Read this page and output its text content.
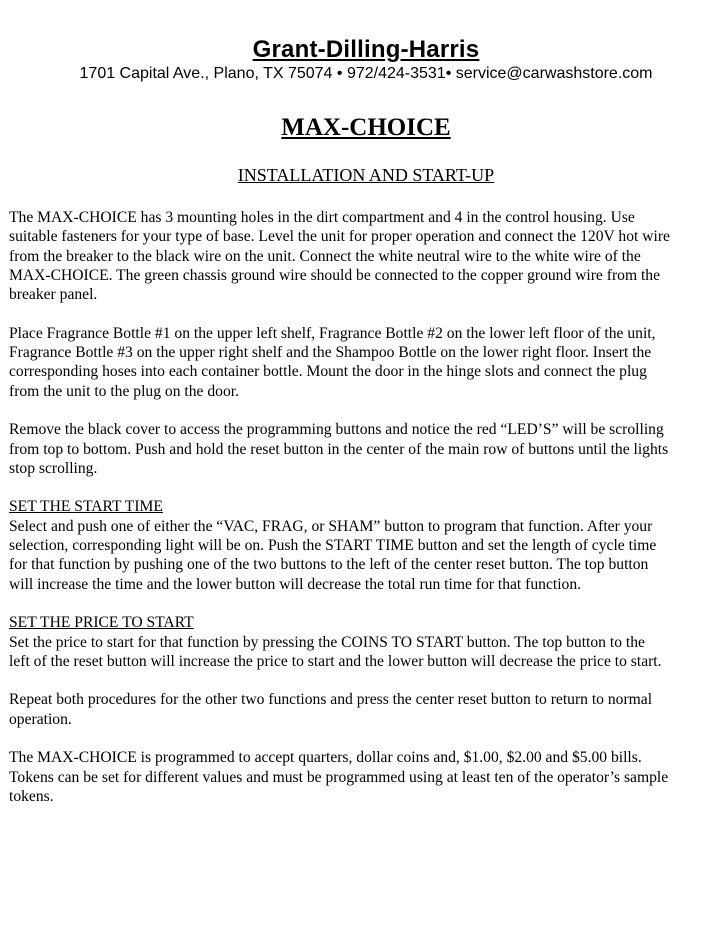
Grant-Dilling-Harris
1701 Capital Ave., Plano, TX 75074 • 972/424-3531• service@carwashstore.com
MAX-CHOICE
INSTALLATION AND START-UP
The MAX-CHOICE has 3 mounting holes in the dirt compartment and 4 in the control housing. Use
suitable fasteners for your type of base. Level the unit for proper operation and connect the 120V hot wire
from the breaker to the black wire on the unit. Connect the white neutral wire to the white wire of the
MAX-CHOICE. The green chassis ground wire should be connected to the copper ground wire from the
breaker panel.
Place Fragrance Bottle #1 on the upper left shelf, Fragrance Bottle #2 on the lower left floor of the unit,
Fragrance Bottle #3 on the upper right shelf and the Shampoo Bottle on the lower right floor. Insert the
corresponding hoses into each container bottle. Mount the door in the hinge slots and connect the plug
from the unit to the plug on the door.
Remove the black cover to access the programming buttons and notice the red “LED’S” will be scrolling
from top to bottom. Push and hold the reset button in the center of the main row of buttons until the lights
stop scrolling.
SET THE START TIME
Select and push one of either the “VAC, FRAG, or SHAM” button to program that function. After your
selection, corresponding light will be on. Push the START TIME button and set the length of cycle time
for that function by pushing one of the two buttons to the left of the center reset button. The top button
will increase the time and the lower button will decrease the total run time for that function.
SET THE PRICE TO START
Set the price to start for that function by pressing the COINS TO START button. The top button to the
left of the reset button will increase the price to start and the lower button will decrease the price to start.
Repeat both procedures for the other two functions and press the center reset button to return to normal
operation.
The MAX-CHOICE is programmed to accept quarters, dollar coins and, $1.00, $2.00 and $5.00 bills.
Tokens can be set for different values and must be programmed using at least ten of the operator’s sample
tokens.
